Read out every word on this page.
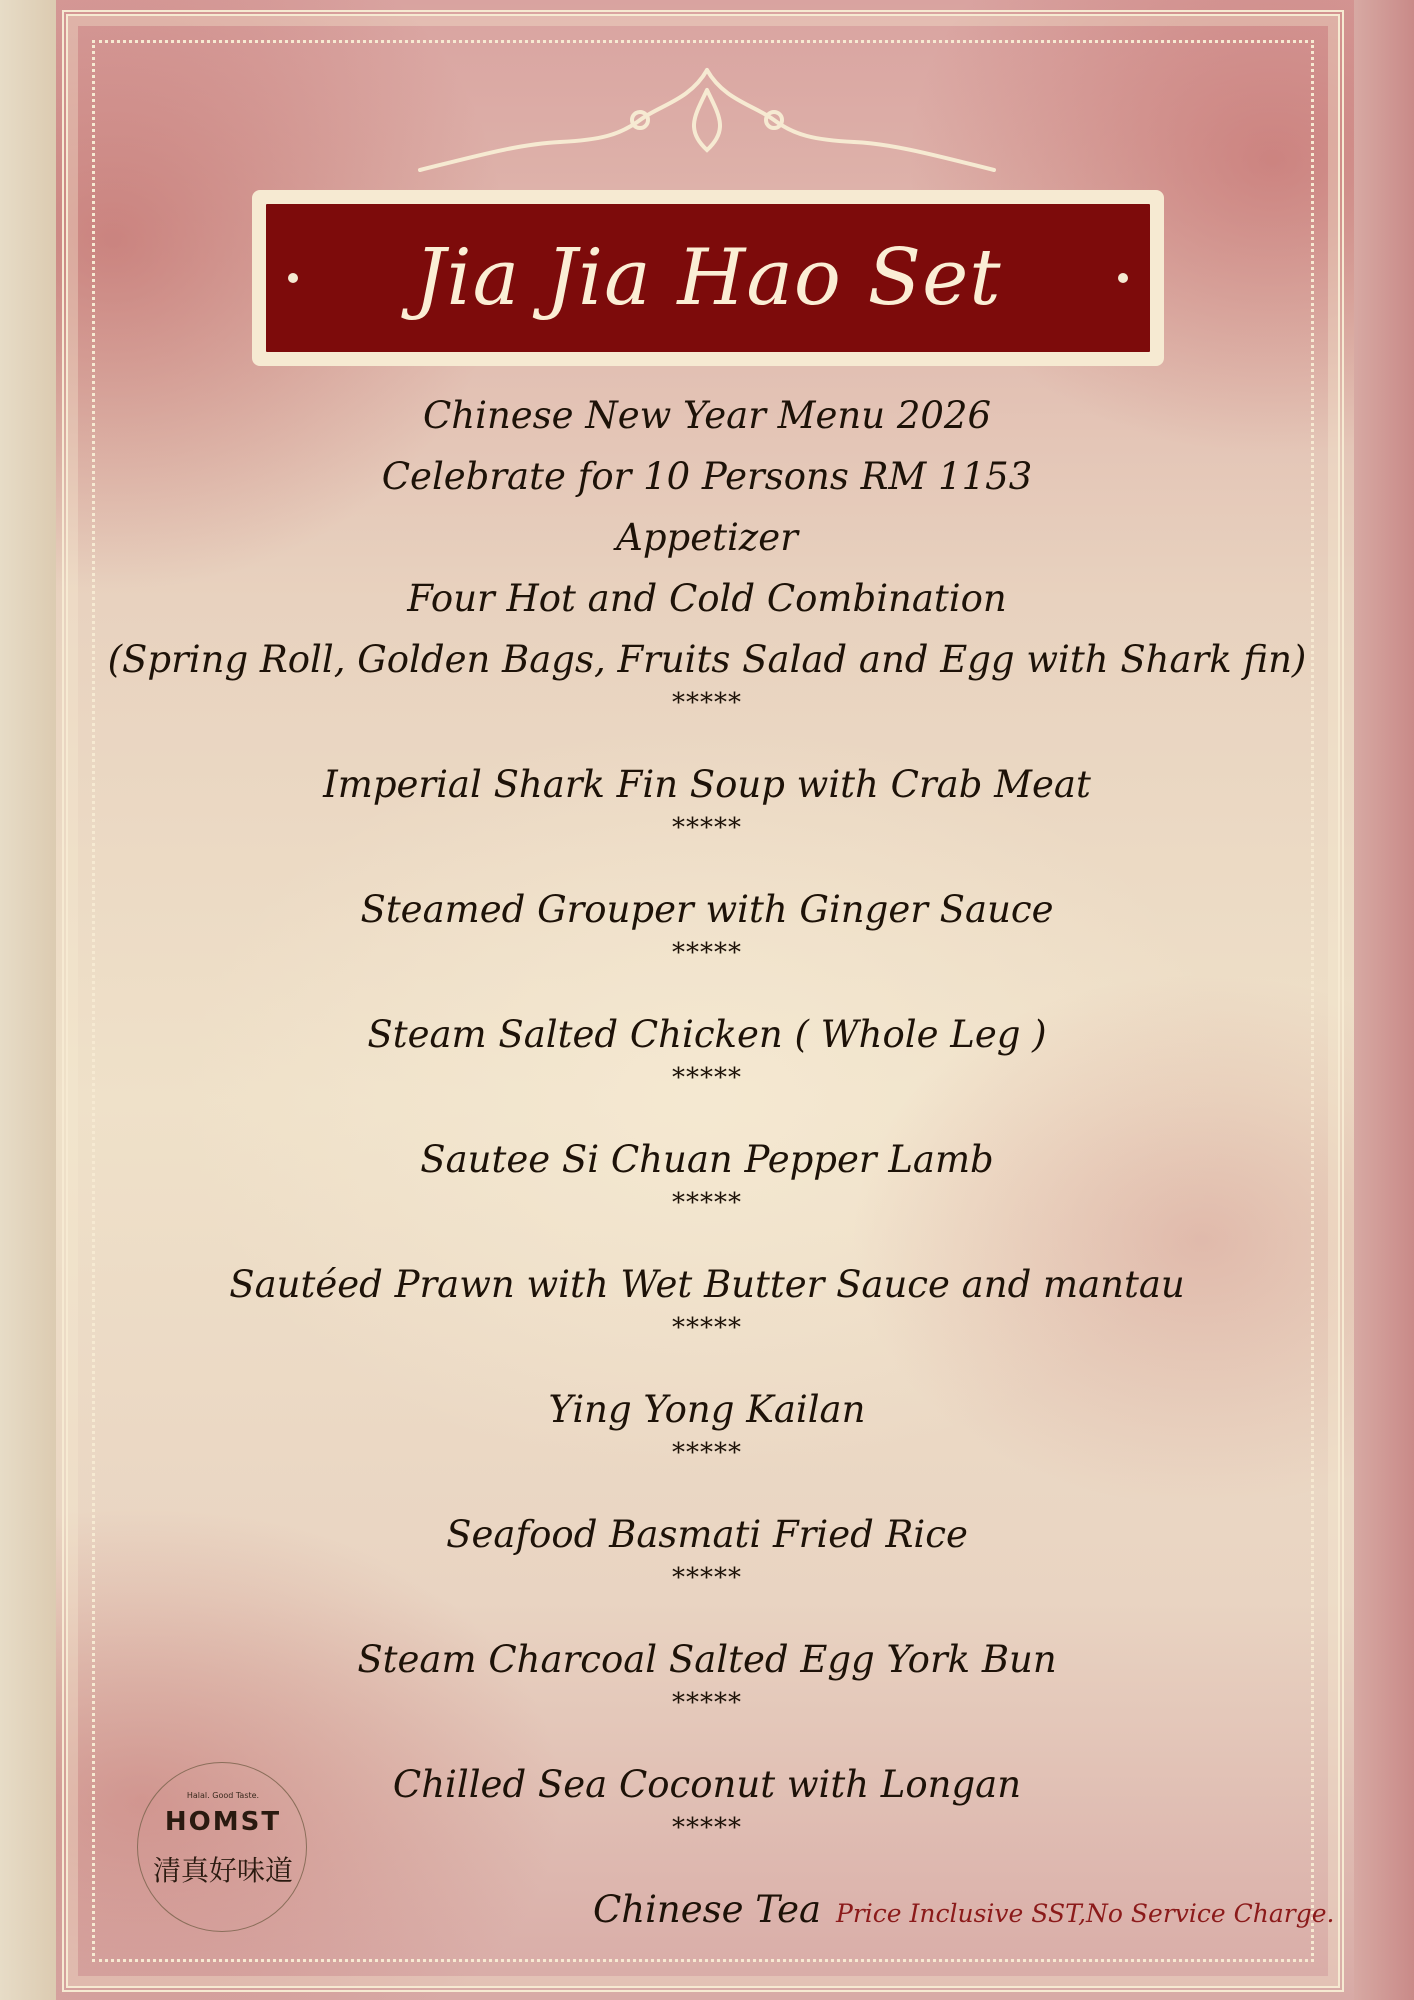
Jia Jia Hao Set
Chinese New Year Menu 2026
Celebrate for 10 Persons RM 1153
Appetizer
Four Hot and Cold Combination
(Spring Roll, Golden Bags, Fruits Salad and Egg with Shark fin)
*****
Imperial Shark Fin Soup with Crab Meat
*****
Steamed Grouper with Ginger Sauce
*****
Steam Salted Chicken ( Whole Leg )
*****
Sautee Si Chuan Pepper Lamb
*****
Sautéed Prawn with Wet Butter Sauce and mantau
*****
Ying Yong Kailan
*****
Seafood Basmati Fried Rice
*****
Steam Charcoal Salted Egg York Bun
*****
Chilled Sea Coconut with Longan
*****
Chinese Tea
Halal. Good Taste.
HOMST
清真好味道
Price Inclusive SST,No Service Charge.
